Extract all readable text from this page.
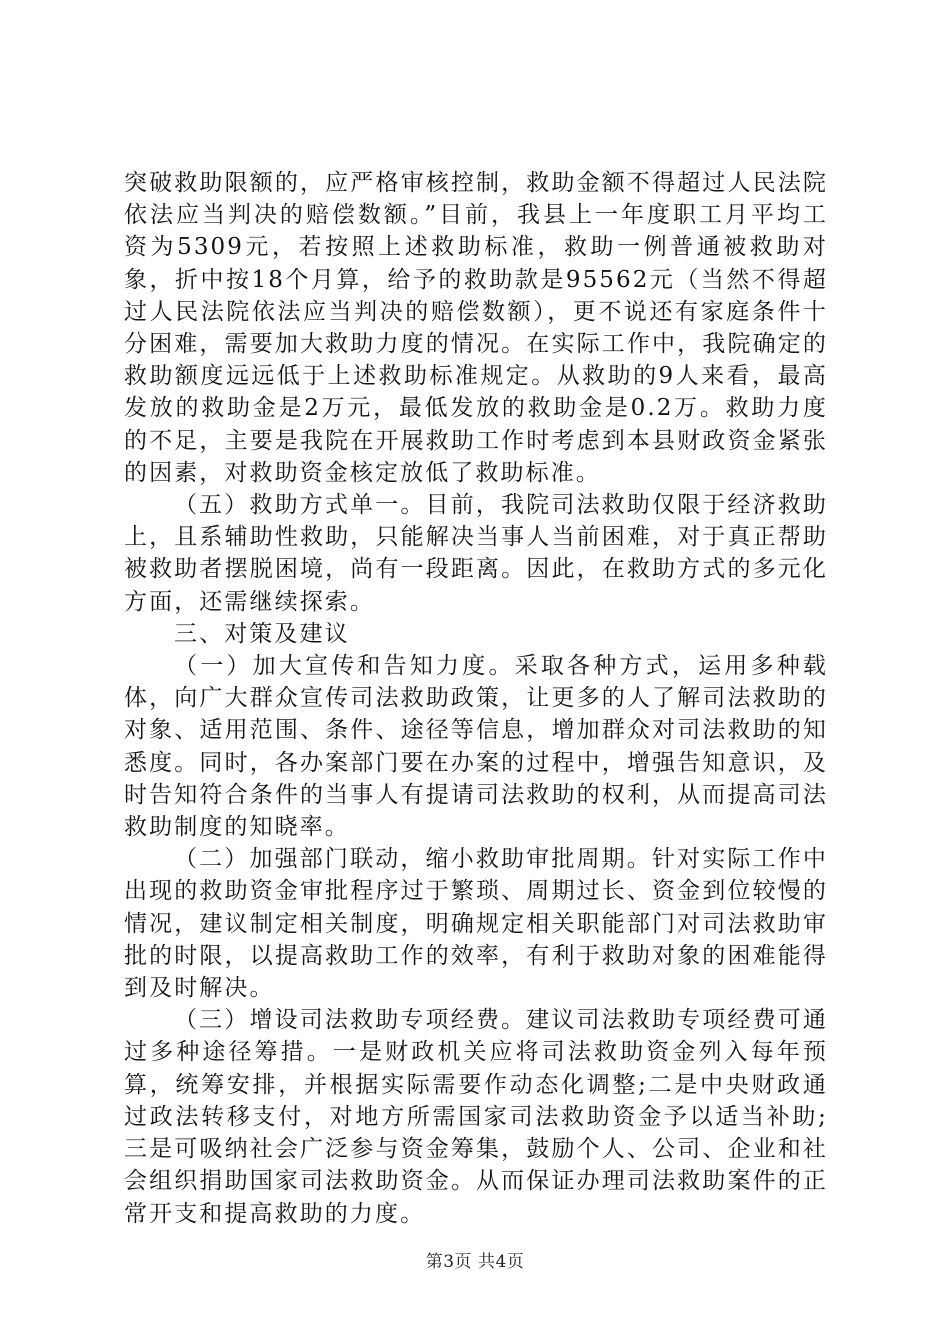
突破救助限额的，应严格审核控制，救助金额不得超过人民法院依法应当判决的赔偿数额。”目前，我县上一年度职工月平均工资为5309元，若按照上述救助标准，救助一例普通被救助对象，折中按18个月算，给予的救助款是95562元（当然不得超过人民法院依法应当判决的赔偿数额），更不说还有家庭条件十分困难，需要加大救助力度的情况。在实际工作中，我院确定的救助额度远远低于上述救助标准规定。从救助的9人来看，最高发放的救助金是2万元，最低发放的救助金是0.2万。救助力度的不足，主要是我院在开展救助工作时考虑到本县财政资金紧张的因素，对救助资金核定放低了救助标准。

（五）救助方式单一。目前，我院司法救助仅限于经济救助上，且系辅助性救助，只能解决当事人当前困难，对于真正帮助被救助者摆脱困境，尚有一段距离。因此，在救助方式的多元化方面，还需继续探索。

三、对策及建议

（一）加大宣传和告知力度。采取各种方式，运用多种载体，向广大群众宣传司法救助政策，让更多的人了解司法救助的对象、适用范围、条件、途径等信息，增加群众对司法救助的知悉度。同时，各办案部门要在办案的过程中，增强告知意识，及时告知符合条件的当事人有提请司法救助的权利，从而提高司法救助制度的知晓率。

（二）加强部门联动，缩小救助审批周期。针对实际工作中出现的救助资金审批程序过于繁琐、周期过长、资金到位较慢的情况，建议制定相关制度，明确规定相关职能部门对司法救助审批的时限，以提高救助工作的效率，有利于救助对象的困难能得到及时解决。

（三）增设司法救助专项经费。建议司法救助专项经费可通过多种途径筹措。一是财政机关应将司法救助资金列入每年预算，统筹安排，并根据实际需要作动态化调整;二是中央财政通过政法转移支付，对地方所需国家司法救助资金予以适当补助;三是可吸纳社会广泛参与资金筹集，鼓励个人、公司、企业和社会组织捐助国家司法救助资金。从而保证办理司法救助案件的正常开支和提高救助的力度。

第3页 共4页
